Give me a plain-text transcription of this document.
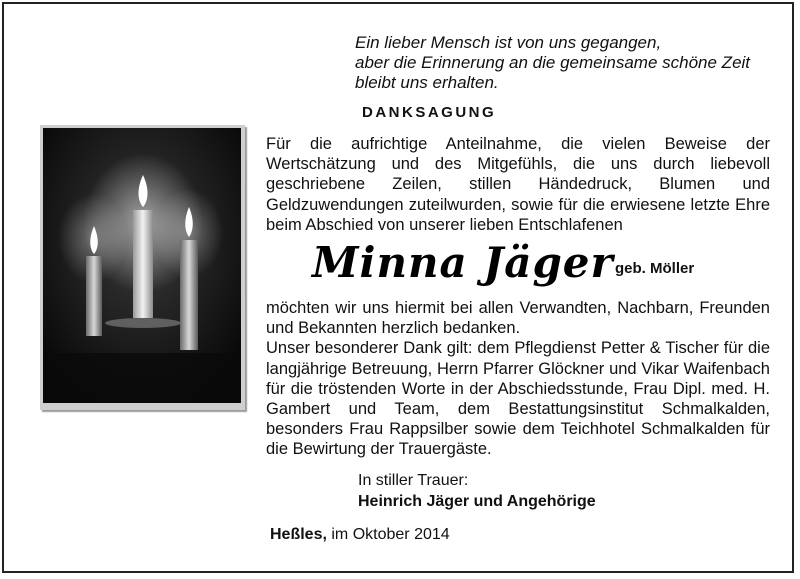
Ein lieber Mensch ist von uns gegangen,
aber die Erinnerung an die gemeinsame schöne Zeit
bleibt uns erhalten.
DANKSAGUNG
Für die aufrichtige Anteilnahme, die vielen Beweise der Wertschätzung und des Mitgefühls, die uns durch liebevoll geschriebene Zeilen, stillen Händedruck, Blumen und Geldzuwendungen zuteilwurden, sowie für die erwiesene letzte Ehre beim Abschied von unserer lieben Entschlafenen
Minna Jäger geb. Möller
möchten wir uns hiermit bei allen Verwandten, Nachbarn, Freunden und Bekannten herzlich bedanken.
Unser besonderer Dank gilt: dem Pflegdienst Petter & Tischer für die langjährige Betreuung, Herrn Pfarrer Glöckner und Vikar Waifenbach für die tröstenden Worte in der Abschiedsstunde, Frau Dipl. med. H. Gambert und Team, dem Bestattungsinstitut Schmalkalden, besonders Frau Rappsilber sowie dem Teichhotel Schmalkalden für die Bewirtung der Trauergäste.
In stiller Trauer:
Heinrich Jäger und Angehörige
Heßles, im Oktober 2014
